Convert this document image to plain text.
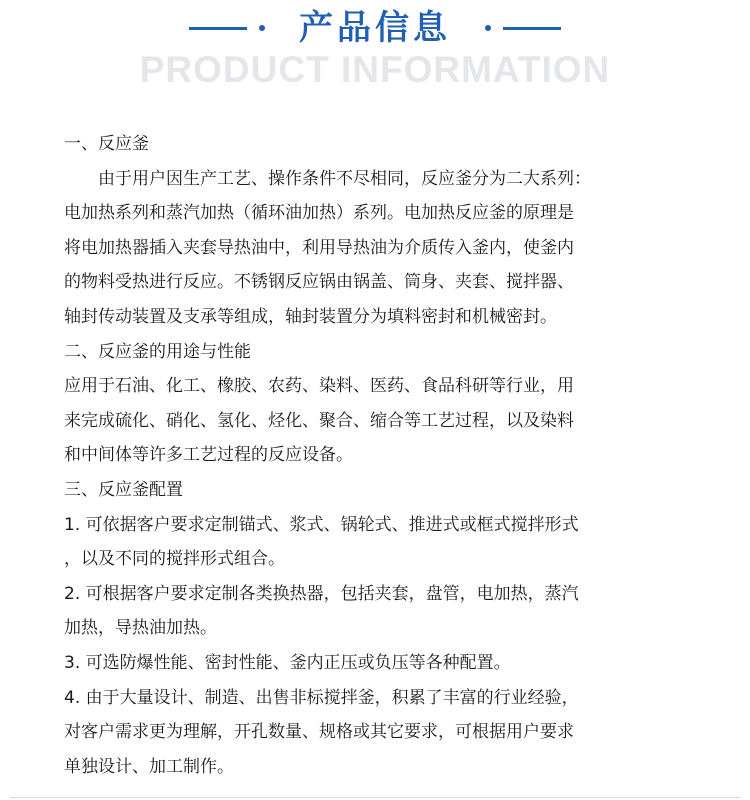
产品信息
PRODUCT INFORMATION

一、反应釜

由于用户因生产工艺、操作条件不尽相同，反应釜分为二大系列：

电加热系列和蒸汽加热（循环油加热）系列。电加热反应釜的原理是

将电加热器插入夹套导热油中，利用导热油为介质传入釜内，使釜内

的物料受热进行反应。不锈钢反应锅由锅盖、筒身、夹套、搅拌器、

轴封传动装置及支承等组成，轴封装置分为填料密封和机械密封。

二、反应釜的用途与性能

应用于石油、化工、橡胶、农药、染料、医药、食品科研等行业，用

来完成硫化、硝化、氢化、烃化、聚合、缩合等工艺过程，以及染料

和中间体等许多工艺过程的反应设备。

三、反应釜配置

1. 可依据客户要求定制锚式、浆式、锅轮式、推进式或框式搅拌形式

，以及不同的搅拌形式组合。

2. 可根据客户要求定制各类换热器，包括夹套，盘管，电加热，蒸汽

加热，导热油加热。

3. 可选防爆性能、密封性能、釜内正压或负压等各种配置。

4. 由于大量设计、制造、出售非标搅拌釜，积累了丰富的行业经验，

对客户需求更为理解，开孔数量、规格或其它要求，可根据用户要求

单独设计、加工制作。
